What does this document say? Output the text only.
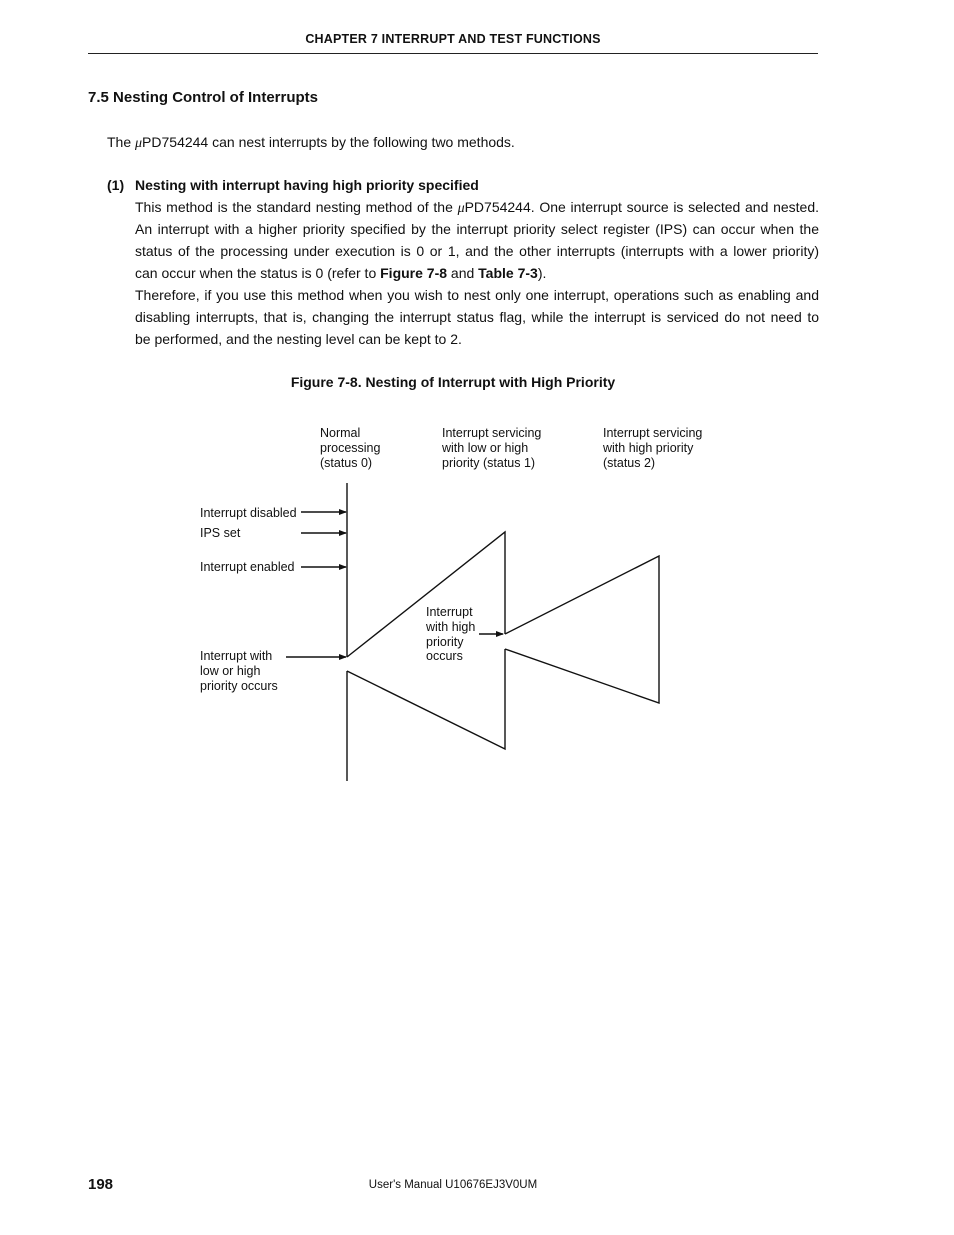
CHAPTER 7 INTERRUPT AND TEST FUNCTIONS
7.5 Nesting Control of Interrupts
The μPD754244 can nest interrupts by the following two methods.
(1) Nesting with interrupt having high priority specified
This method is the standard nesting method of the μPD754244. One interrupt source is selected and nested.
An interrupt with a higher priority specified by the interrupt priority select register (IPS) can occur when the
status of the processing under execution is 0 or 1, and the other interrupts (interrupts with a lower priority)
can occur when the status is 0 (refer to Figure 7-8 and Table 7-3).
Therefore, if you use this method when you wish to nest only one interrupt, operations such as enabling and
disabling interrupts, that is, changing the interrupt status flag, while the interrupt is serviced do not need to
be performed, and the nesting level can be kept to 2.
Figure 7-8. Nesting of Interrupt with High Priority
Normal processing (status 0)
Interrupt servicing with low or high priority (status 1)
Interrupt servicing with high priority (status 2)
Interrupt disabled
IPS set
Interrupt enabled
Interrupt with low or high priority occurs
Interrupt with high priority occurs
198	User's Manual U10676EJ3V0UM
